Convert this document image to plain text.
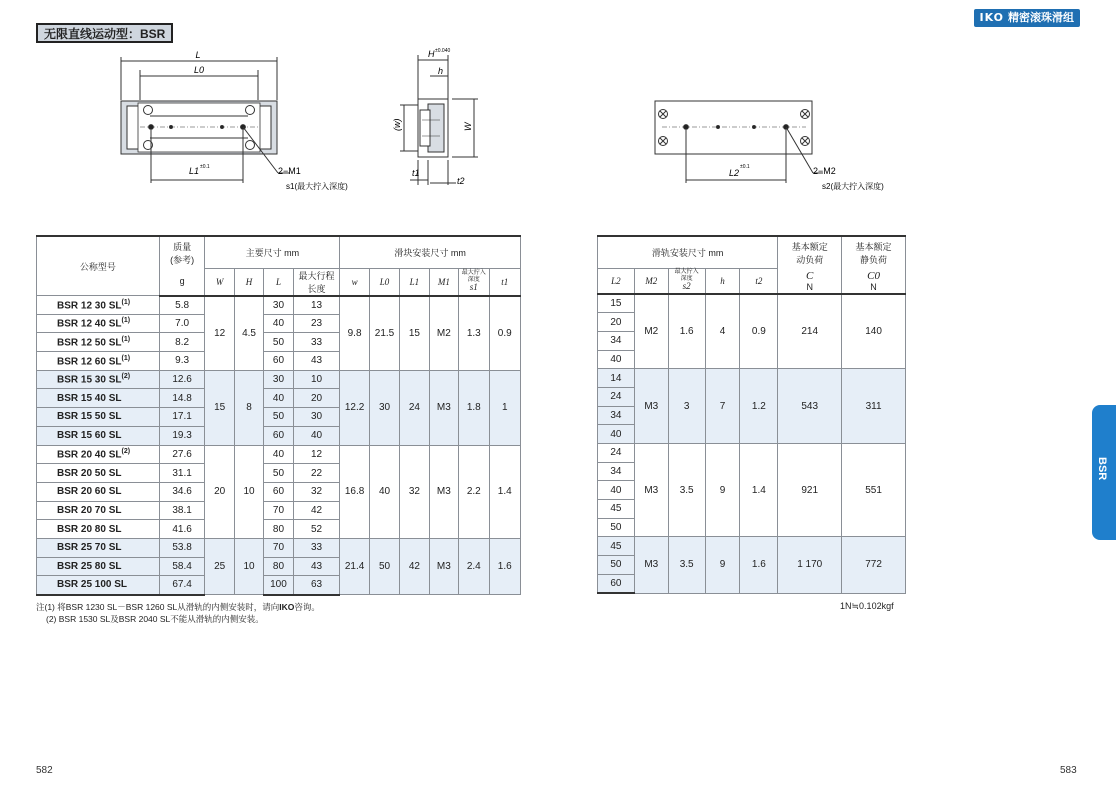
无限直线运动型：BSR
IKO 精密滚珠滑组
BSR
L
L0
L1 ±0.1	2−M1
s1(最大拧入深度)
H ±0.040
h
(w)	W
t1
t2
L2
±0.1	2−M2
s2(最大拧入深度)
公称型号	质量
(参考)	主要尺寸 mm				滑块安装尺寸 mm					
	g	W	H	L	最大行程
长度	w	L0	L1	M1	最大拧入
深度
s1	t1
BSR 12 30 SL$^{(1)}$	5.8	12	4.5	30	13	9.8	21.5	15	M2	1.3	0.9
BSR 12 40 SL$^{(1)}$	7.0			40	23						
BSR 12 50 SL$^{(1)}$	8.2			50	33						
BSR 12 60 SL$^{(1)}$	9.3			60	43						
BSR 15 30 SL$^{(2)}$	12.6	15	8	30	10	12.2	30	24	M3	1.8	1
BSR 15 40 SL	14.8			40	20						
BSR 15 50 SL	17.1			50	30						
BSR 15 60 SL	19.3			60	40						
BSR 20 40 SL$^{(2)}$	27.6	20	10	40	12	16.8	40	32	M3	2.2	1.4
BSR 20 50 SL	31.1			50	22						
BSR 20 60 SL	34.6			60	32						
BSR 20 70 SL	38.1			70	42						
BSR 20 80 SL	41.6			80	52						
BSR 25 70 SL	53.8	25	10	70	33	21.4	50	42	M3	2.4	1.6
BSR 25 80 SL	58.4			80	43						
BSR 25 100 SL	67.4			100	63						
滑轨安装尺寸 mm					基本额定
动负荷	基本额定
静负荷
L2	M2	最大拧入
深度
s2	h	t2	C
N	C0
N
15	M2	1.6	4	0.9	214	140
20						
34						
40						
14	M3	3	7	1.2	543	311
24						
34						
40						
24	M3	3.5	9	1.4	921	551
34						
40						
45						
50						
45	M3	3.5	9	1.6	1 170	772
50						
60						
注(1) 将BSR 1230 SL－BSR 1260 SL从滑轨的内侧安装时，请向IKO咨询。
(2) BSR 1530 SL及BSR 2040 SL不能从滑轨的内侧安装。
1N≒0.102kgf
582	583
